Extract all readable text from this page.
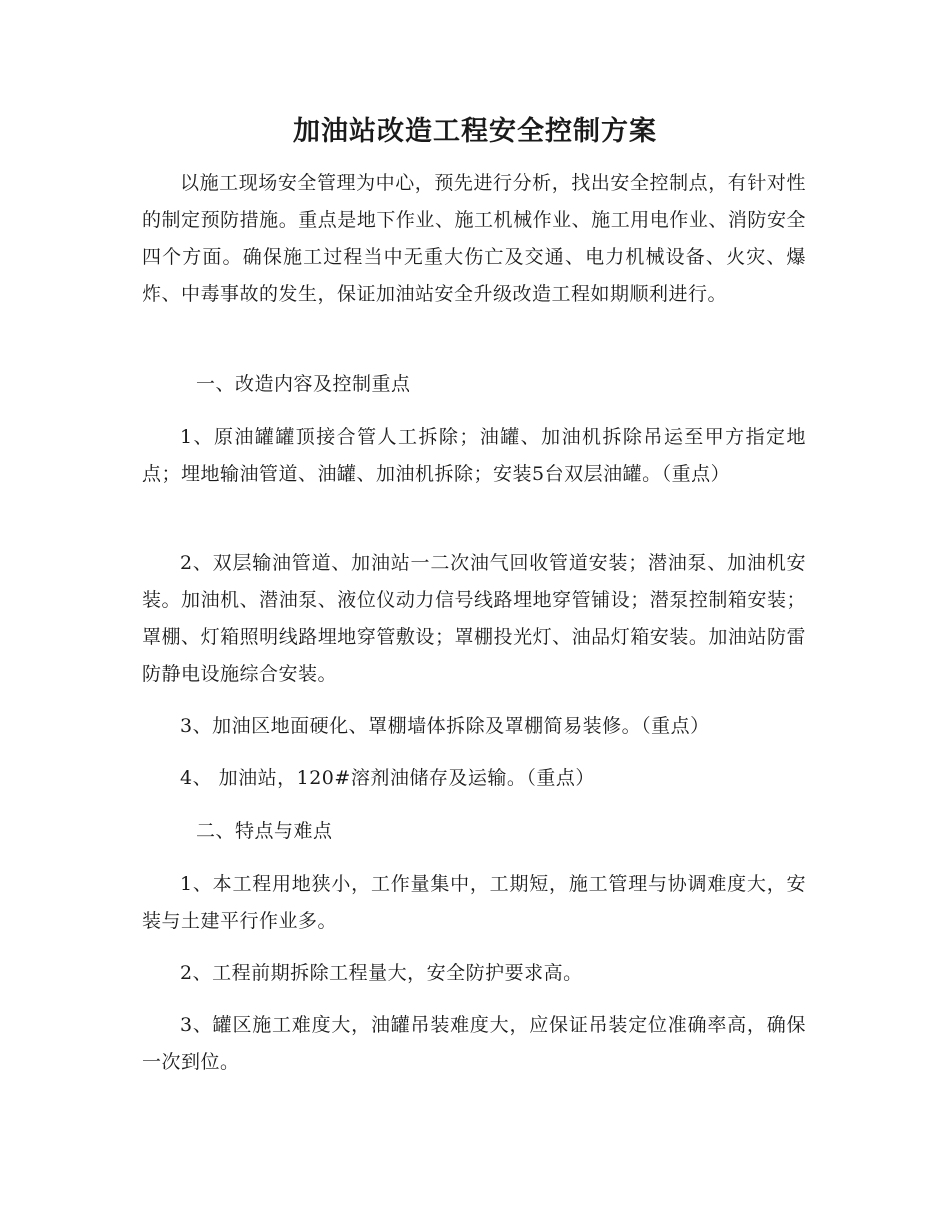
加油站改造工程安全控制方案

以施工现场安全管理为中心，预先进行分析，找出安全控制点，有针对性的制定预防措施。重点是地下作业、施工机械作业、施工用电作业、消防安全四个方面。确保施工过程当中无重大伤亡及交通、电力机械设备、火灾、爆炸、中毒事故的发生，保证加油站安全升级改造工程如期顺利进行。

一、改造内容及控制重点

1、原油罐罐顶接合管人工拆除；油罐、加油机拆除吊运至甲方指定地点；埋地输油管道、油罐、加油机拆除；安装5台双层油罐。（重点）

2、双层输油管道、加油站一二次油气回收管道安装；潜油泵、加油机安装。加油机、潜油泵、液位仪动力信号线路埋地穿管铺设；潜泵控制箱安装；罩棚、灯箱照明线路埋地穿管敷设；罩棚投光灯、油品灯箱安装。加油站防雷防静电设施综合安装。

3、加油区地面硬化、罩棚墙体拆除及罩棚简易装修。（重点）

4、 加油站，120#溶剂油储存及运输。（重点）

二、特点与难点

1、本工程用地狭小，工作量集中，工期短，施工管理与协调难度大，安装与土建平行作业多。

2、工程前期拆除工程量大，安全防护要求高。

3、罐区施工难度大，油罐吊装难度大，应保证吊装定位准确率高，确保一次到位。
